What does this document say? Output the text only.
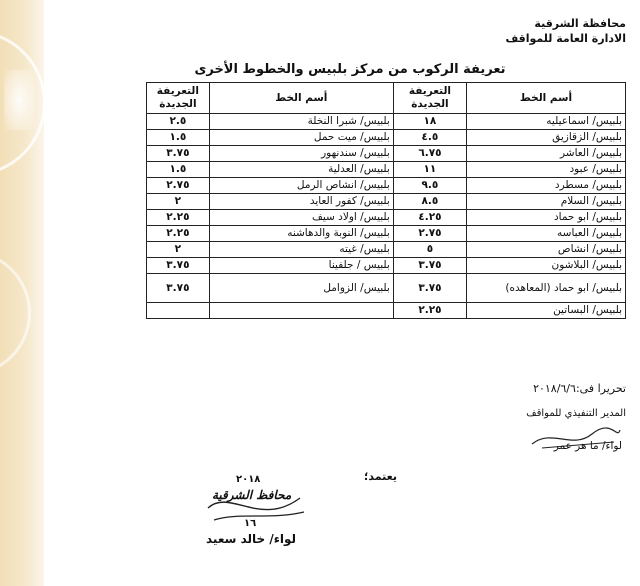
محافظة الشرقية
الادارة العامة للمواقف
تعريفة الركوب من مركز بلبيس والخطوط الأخرى
أسم الخط	التعريفة الجديدة	أسم الخط	التعريفة الجديدة
بلبيس/ اسماعيليه	١٨	بلبيس/ شبرا النخلة	٢.٥
بلبيس/ الزقازيق	٤.٥	بلبيس/ ميت حمل	١.٥
بلبيس/ العاشر	٦.٧٥	بلبيس/ سندنهور	٣.٧٥
بلبيس/ عبود	١١	بلبيس/ العدلية	١.٥
بلبيس/ مسطرد	٩.٥	بلبيس/ انشاص الرمل	٢.٧٥
بلبيس/ السلام	٨.٥	بلبيس/ كفور العايد	٢
بلبيس/ ابو حماد	٤.٢٥	بلبيس/ اولاد سيف	٢.٢٥
بلبيس/ العباسه	٢.٧٥	بلبيس/ النوبة والدهاشنه	٢.٢٥
بلبيس/ انشاص	٥	بلبيس/ غيته	٢
بلبيس/ البلاشون	٣.٧٥	بلبيس / جلفينا	٣.٧٥
بلبيس/ ابو حماد (المعاهده)	٣.٧٥	بلبيس/ الزوامل	٣.٧٥
بلبيس/ البساتين	٢.٢٥		
تحريرا فى:٢٠١٨/٦/٦
المدير التنفيذي للمواقف
لواء/ ما هر عمر
يعتمد؛
٢٠١٨
محافظ الشرقية
١٦
لواء/ خالد سعيد
